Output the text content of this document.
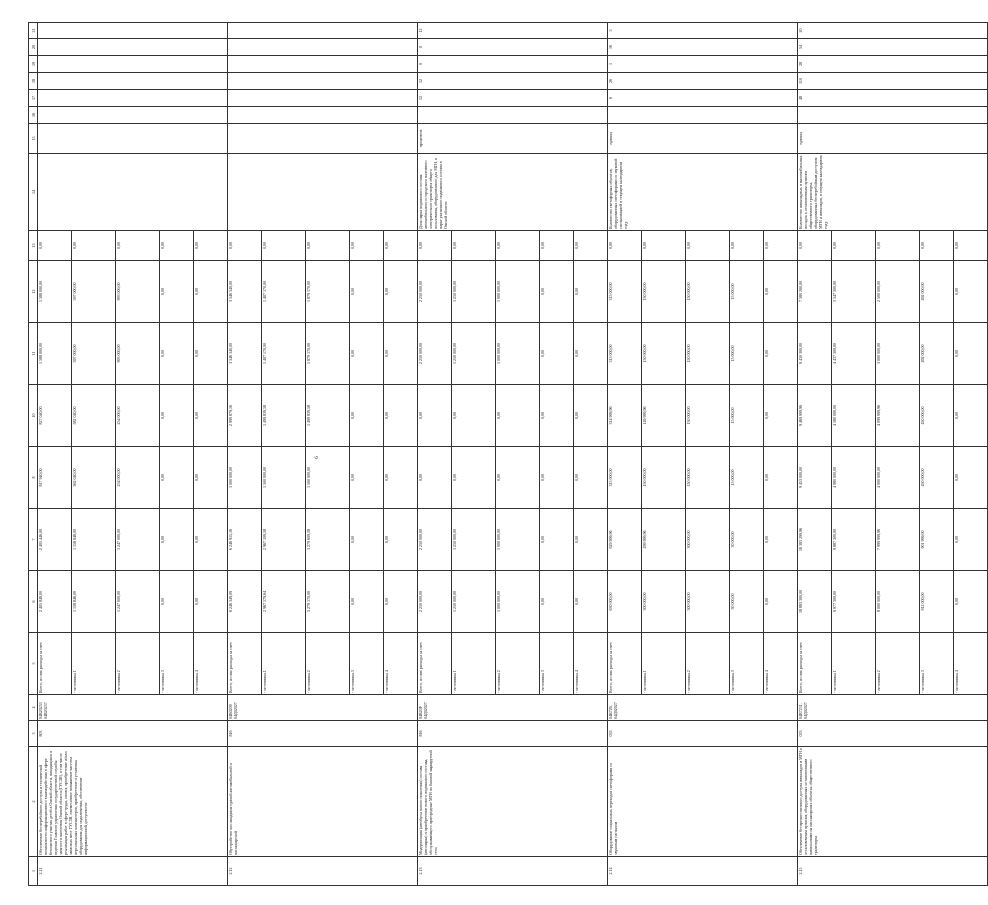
6
1	2	3	4	5	6	7	8	10	11	12	13	14	15	16	17	18	19	20	21	
2.11	Обеспечение бесперебойного доступа и технической возможности информационного взаимодействия в сфере безопасного участия детей в Омской области, находящихся в ведении Главного управления государственной службы занятости населения Омской области (ГУСЗН), в том числе реализация работ в сфере труда, оплата, приобретение и/или запасных мест ГУСЗН, ежемесячное повышение частоты персональных компьютеров, приобретение и установка оборудования для подключения, обеспечение информационной доступности	803	04В20253 04В20257	Всего, из них расходы за счет:	2 405 848,00	2 405 446,00	817 940,00	827 040,00	1 588 000,00	1 588 000,00	0,00									
				- источника 1	1 158 846,00	1 158 848,00	562 040,00	582 040,00	597 000,00	597 000,00	0,00									
				- источника 2	1 247 000,00	1 247 000,00	254 000,00	254 000,00	993 000,00	993 000,00	0,00									
				- источника 3	0,00	0,00	0,00	0,00	0,00	0,00	0,00									
				- источника 4	0,00	0,00	0,00	0,00	0,00	0,00	0,00									
2.12	Обустройство зон ожидания единой автомобильной и пассажирской	816	04В0209 04Д02027	Всего, из них расходы за счет:	6 246 349,09	6 246 915,16	3 000 000,00	2 999 879,16	3 346 340,00	3 346 340,00	0,00									
				- источника 1	2 967 179,64	2 967 109,58	1 500 000,00	1 499 839,58	1 407 170,00	1 407 170,00	0,00									
				- источника 2	3 279 170,00	3 279 609,58	1 500 000,00	1 499 839,58	1 879 170,00	1 879 170,00	0,00									
				- источника 3	0,00	0,00	0,00	0,00	0,00	0,00	0,00									
				- источника 4	0,00	0,00	0,00	0,00	0,00	0,00	0,00									
2.13	Модернизация (автобусы нового поколения) состава (автопарка) и приобретение нового подвижного состава, обслуживающего пригородные МГН по базовой маршрутной сети	816	04В20Р 04Д02027	Всего, из них расходы за счет:	2 250 000,00	2 250 000,00	0,00	0,00	2 250 000,00	2 250 000,00	0,00	Доля парка подвижного состава автомобильного и городского наземного электрического транспорта общего пользования, оборудованного для МГН, в парке указанного подвижного состава в Омской области	процентов		12	12	0	0	12	
				- источника 1	1 250 000,00	1 250 000,00	0,00	0,00	1 250 000,00	1 250 000,00	0,00									
				- источника 2	1 000 000,00	1 000 000,00	0,00	0,00	1 000 000,00	1 000 000,00	0,00									
				- источника 3	0,00	0,00	0,00	0,00	0,00	0,00	0,00									
				- источника 4	0,00	0,00	0,00	0,00	0,00	0,00	0,00									
2.14	Оборудование социальных переходов светофорами со звуковым сигналом	033	04В726, 04Д02027	Всего, из них расходы за счет:	630 000,00	629 999,96	315 000,00	314 999,96	315 000,00	315 000,00	0,00	Количество светофорных объектов, оборудованных светофорами со звуковой сигнализацией в текущем календарном году	единиц		6	26	1	16	5	
				- источника 1	300 000,00	299 999,96	150 000,00	149 999,96	150 000,00	150 000,00	0,00									
				- источника 2	300 000,00	300 000,00	150 000,00	150 000,00	150 000,00	150 000,00	0,00									
				- источника 3	30 000,00	30 000,00	15 000,00	15 000,00	15 000,00	15 000,00	0,00									
				- источника 4	0,00	0,00	0,00	0,00	0,00	0,00	0,00									
2.15	Обеспечение беспрепятственного доступа инвалидов и МГН к остановочным пунктам, оборудованных остановочными павильонами на пассажирских объектах общественного транспорта	033	04В7231, 04Д02027	Всего, из них расходы за счет:	18 883 300,00	18 383 299,96	9 453 000,00	9 469 999,96	9 430 300,00	7 580 200,00	0,00	Количество инвалидных и маломобильных посадок к остановочным пунктам общественного транспорта, оборудованных бесперебойным доступом МГН и инвалидов, в текущем календарном году	единиц		48	110	28	54	20	
				- источника 1	9 977 300,00	9 887 300,00	4 980 000,00	4 580 000,00	4 437 300,00	3 347 300,00	0,00									
				- источника 2	8 000 000,00	7 999 999,96	4 000 000,00	4 099 999,96	3 000 000,00	2 500 000,00	0,00									
				- источника 3	912 000,00	901 999,00	450 000,00	450 000,00	492 000,00	492 000,00	0,00									
				- источника 4	0,00	0,00	0,00	0,00	0,00	0,00	0,00									
